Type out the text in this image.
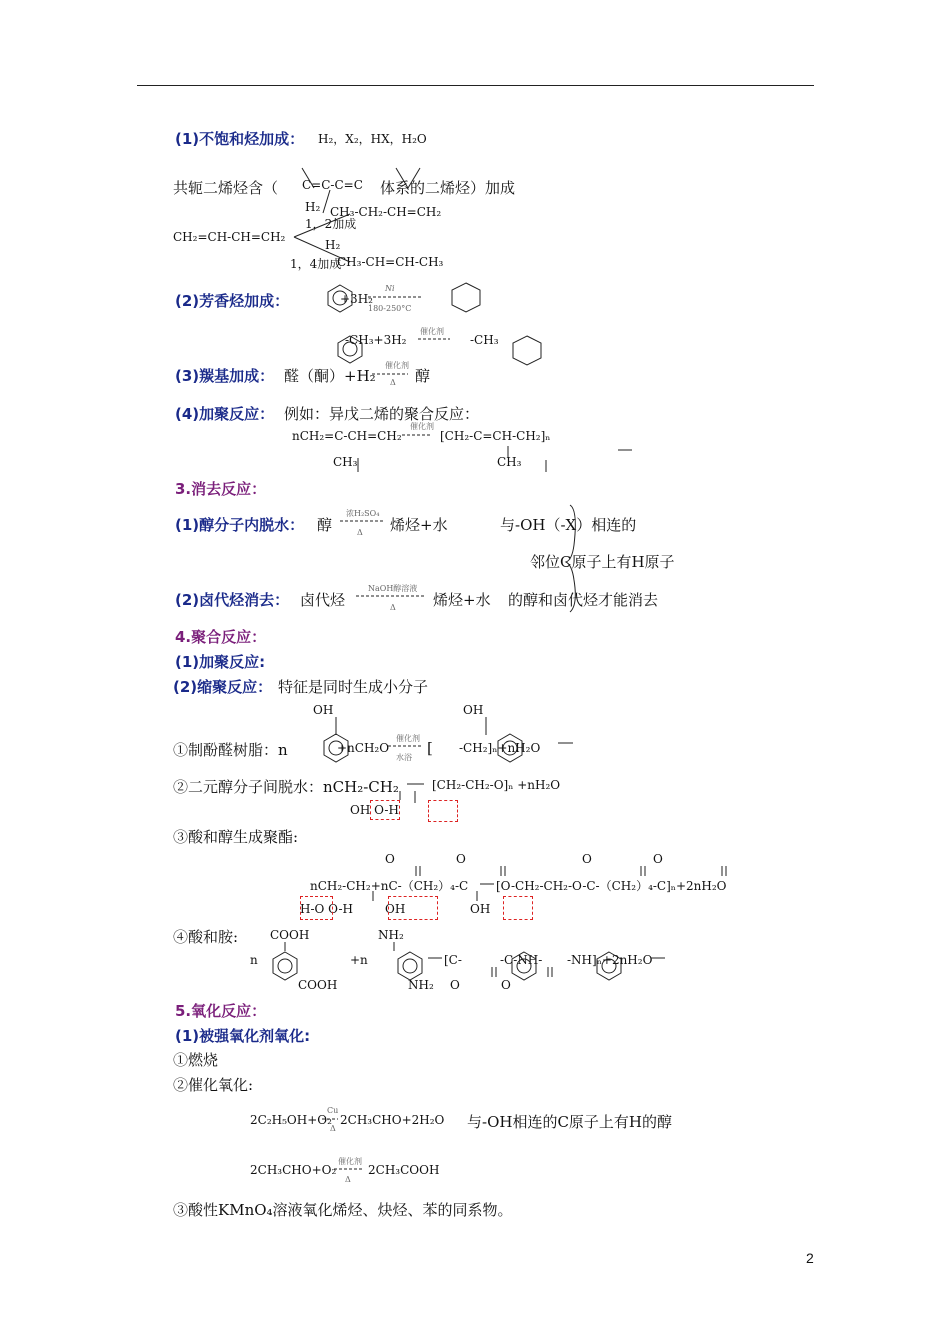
(1)不饱和烃加成： H₂，X₂，HX，H₂O
共轭二烯烃含（ C=C-C=C 体系的二烯烃）加成
H₂ CH₃-CH₂-CH=CH₂
1，2加成
CH₂=CH-CH=CH₂
H₂
1，4加成
CH₃-CH=CH-CH₃
(2)芳香烃加成：	+3H₂
Ni
180-250°C
-CH₃+3H₂
催化剂
-CH₃
(3)羰基加成： 醛（酮）+H₂
催化剂
Δ 醇
(4)加聚反应： 例如：异戊二烯的聚合反应：
nCH₂=C-CH=CH₂
催化剂
[CH₂-C=CH-CH₂]ₙ
CH₃	CH₃
3.消去反应：
(1)醇分子内脱水： 醇
浓H₂SO₄
Δ 烯烃+水	与-OH（-X）相连的
邻位C原子上有H原子
(2)卤代烃消去： 卤代烃
NaOH醇溶液
Δ 烯烃+水 的醇和卤代烃才能消去
4.聚合反应：
(1)加聚反应:
(2)缩聚反应： 特征是同时生成小分子
OH	OH
①制酚醛树脂：n	+nCH₂O
催化剂
水浴
[ -CH₂]ₙ+nH₂O
②二元醇分子间脱水：nCH₂-CH₂	[CH₂-CH₂-O]ₙ +nH₂O
OH O-H
③酸和醇生成聚酯:
O	O	O	O
nCH₂-CH₂+nC-（CH₂）₄-C [O-CH₂-CH₂-O-C-（CH₂）₄-C]ₙ+2nH₂O
H-O O-H	OH	OH
④酸和胺:	COOH	NH₂
n	+n	[C-	-C-NH- -NH]ₙ+2nH₂O
COOH	NH₂ O	O
5.氧化反应：
(1)被强氧化剂氧化:
①燃烧
②催化氧化:
2C₂H₅OH+O₂
Cu
Δ
2CH₃CHO+2H₂O 与-OH相连的C原子上有H的醇
2CH₃CHO+O₂
催化剂
Δ
2CH₃COOH
③酸性KMnO₄溶液氧化烯烃、炔烃、苯的同系物。
2
